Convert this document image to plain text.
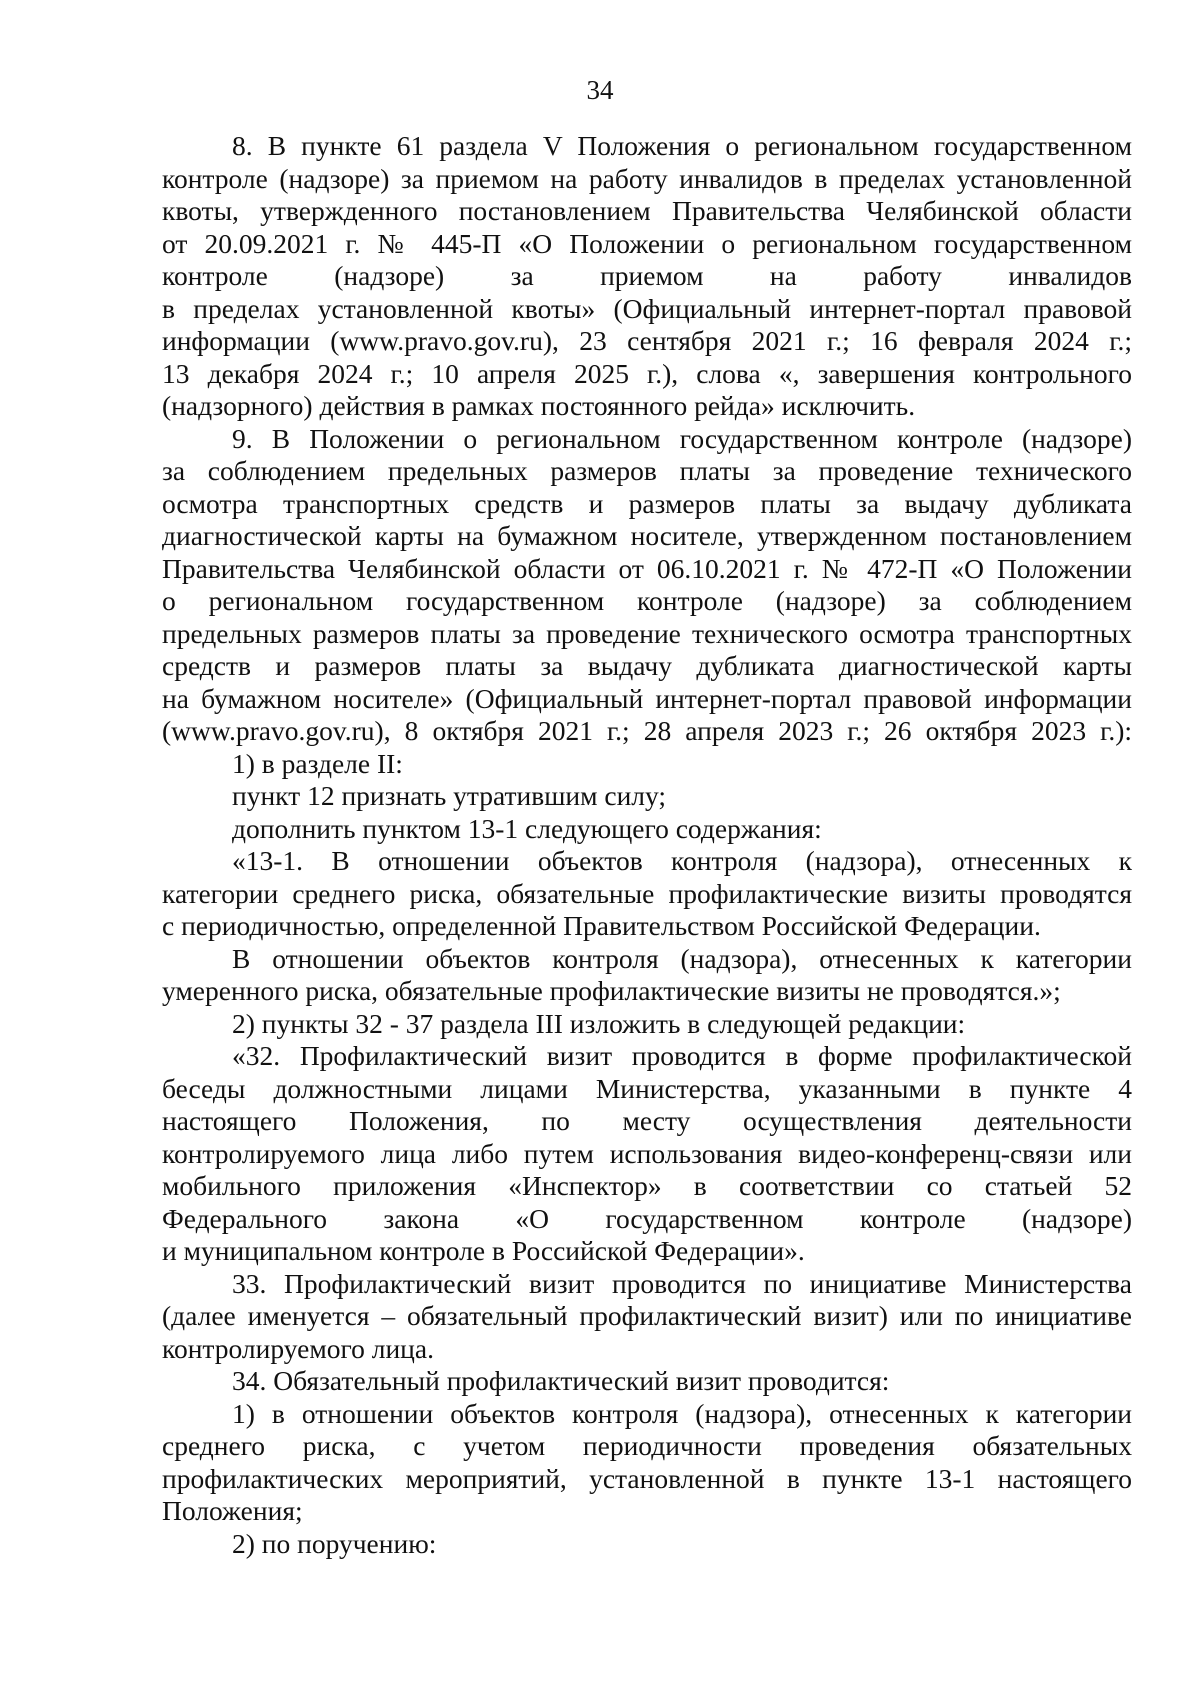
34
8. В пункте 61 раздела V Положения о региональном государственном
контроле (надзоре) за приемом на работу инвалидов в пределах установленной
квоты, утвержденного постановлением Правительства Челябинской области
от 20.09.2021 г. № 445-П «О Положении о региональном государственном
контроле (надзоре) за приемом на работу инвалидов
в пределах установленной квоты» (Официальный интернет-портал правовой
информации (www.pravo.gov.ru), 23 сентября 2021 г.; 16 февраля 2024 г.;
13 декабря 2024 г.; 10 апреля 2025 г.), слова «, завершения контрольного
(надзорного) действия в рамках постоянного рейда» исключить.
9. В Положении о региональном государственном контроле (надзоре)
за соблюдением предельных размеров платы за проведение технического
осмотра транспортных средств и размеров платы за выдачу дубликата
диагностической карты на бумажном носителе, утвержденном постановлением
Правительства Челябинской области от 06.10.2021 г. № 472-П «О Положении
о региональном государственном контроле (надзоре) за соблюдением
предельных размеров платы за проведение технического осмотра транспортных
средств и размеров платы за выдачу дубликата диагностической карты
на бумажном носителе» (Официальный интернет-портал правовой информации
(www.pravo.gov.ru), 8 октября 2021 г.; 28 апреля 2023 г.; 26 октября 2023 г.):
1) в разделе II:
пункт 12 признать утратившим силу;
дополнить пунктом 13-1 следующего содержания:
«13-1. В отношении объектов контроля (надзора), отнесенных к
категории среднего риска, обязательные профилактические визиты проводятся
с периодичностью, определенной Правительством Российской Федерации.
В отношении объектов контроля (надзора), отнесенных к категории
умеренного риска, обязательные профилактические визиты не проводятся.»;
2) пункты 32 - 37 раздела III изложить в следующей редакции:
«32. Профилактический визит проводится в форме профилактической
беседы должностными лицами Министерства, указанными в пункте 4
настоящего Положения, по месту осуществления деятельности
контролируемого лица либо путем использования видео-конференц-связи или
мобильного приложения «Инспектор» в соответствии со статьей 52
Федерального закона «О государственном контроле (надзоре)
и муниципальном контроле в Российской Федерации».
33. Профилактический визит проводится по инициативе Министерства
(далее именуется – обязательный профилактический визит) или по инициативе
контролируемого лица.
34. Обязательный профилактический визит проводится:
1) в отношении объектов контроля (надзора), отнесенных к категории
среднего риска, с учетом периодичности проведения обязательных
профилактических мероприятий, установленной в пункте 13-1 настоящего
Положения;
2) по поручению:
